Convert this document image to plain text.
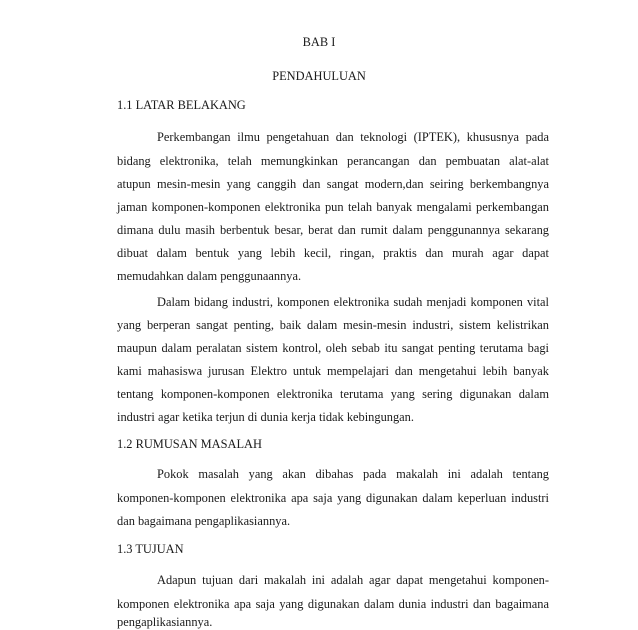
BAB I
PENDAHULUAN
1.1 LATAR BELAKANG
Perkembangan ilmu pengetahuan dan teknologi (IPTEK), khususnya pada
bidang elektronika, telah memungkinkan perancangan dan pembuatan alat-alat
atupun mesin-mesin yang canggih dan sangat modern,dan seiring berkembangnya
jaman komponen-komponen elektronika pun telah banyak mengalami perkembangan
dimana dulu masih berbentuk besar, berat dan rumit dalam penggunannya sekarang
dibuat dalam bentuk yang lebih kecil, ringan, praktis dan murah agar dapat
memudahkan dalam penggunaannya.
Dalam bidang industri, komponen elektronika sudah menjadi komponen vital
yang berperan sangat penting, baik dalam mesin-mesin industri, sistem kelistrikan
maupun dalam peralatan sistem kontrol, oleh sebab itu sangat penting terutama bagi
kami mahasiswa jurusan Elektro untuk mempelajari dan mengetahui lebih banyak
tentang komponen-komponen elektronika terutama yang sering digunakan dalam
industri agar ketika terjun di dunia kerja tidak kebingungan.
1.2 RUMUSAN MASALAH
Pokok masalah yang akan dibahas pada makalah ini adalah tentang
komponen-komponen elektronika apa saja yang digunakan dalam keperluan industri
dan bagaimana pengaplikasiannya.
1.3 TUJUAN
Adapun tujuan dari makalah ini adalah agar dapat mengetahui komponen-
komponen elektronika apa saja yang digunakan dalam dunia industri dan bagaimana
pengaplikasiannya.
